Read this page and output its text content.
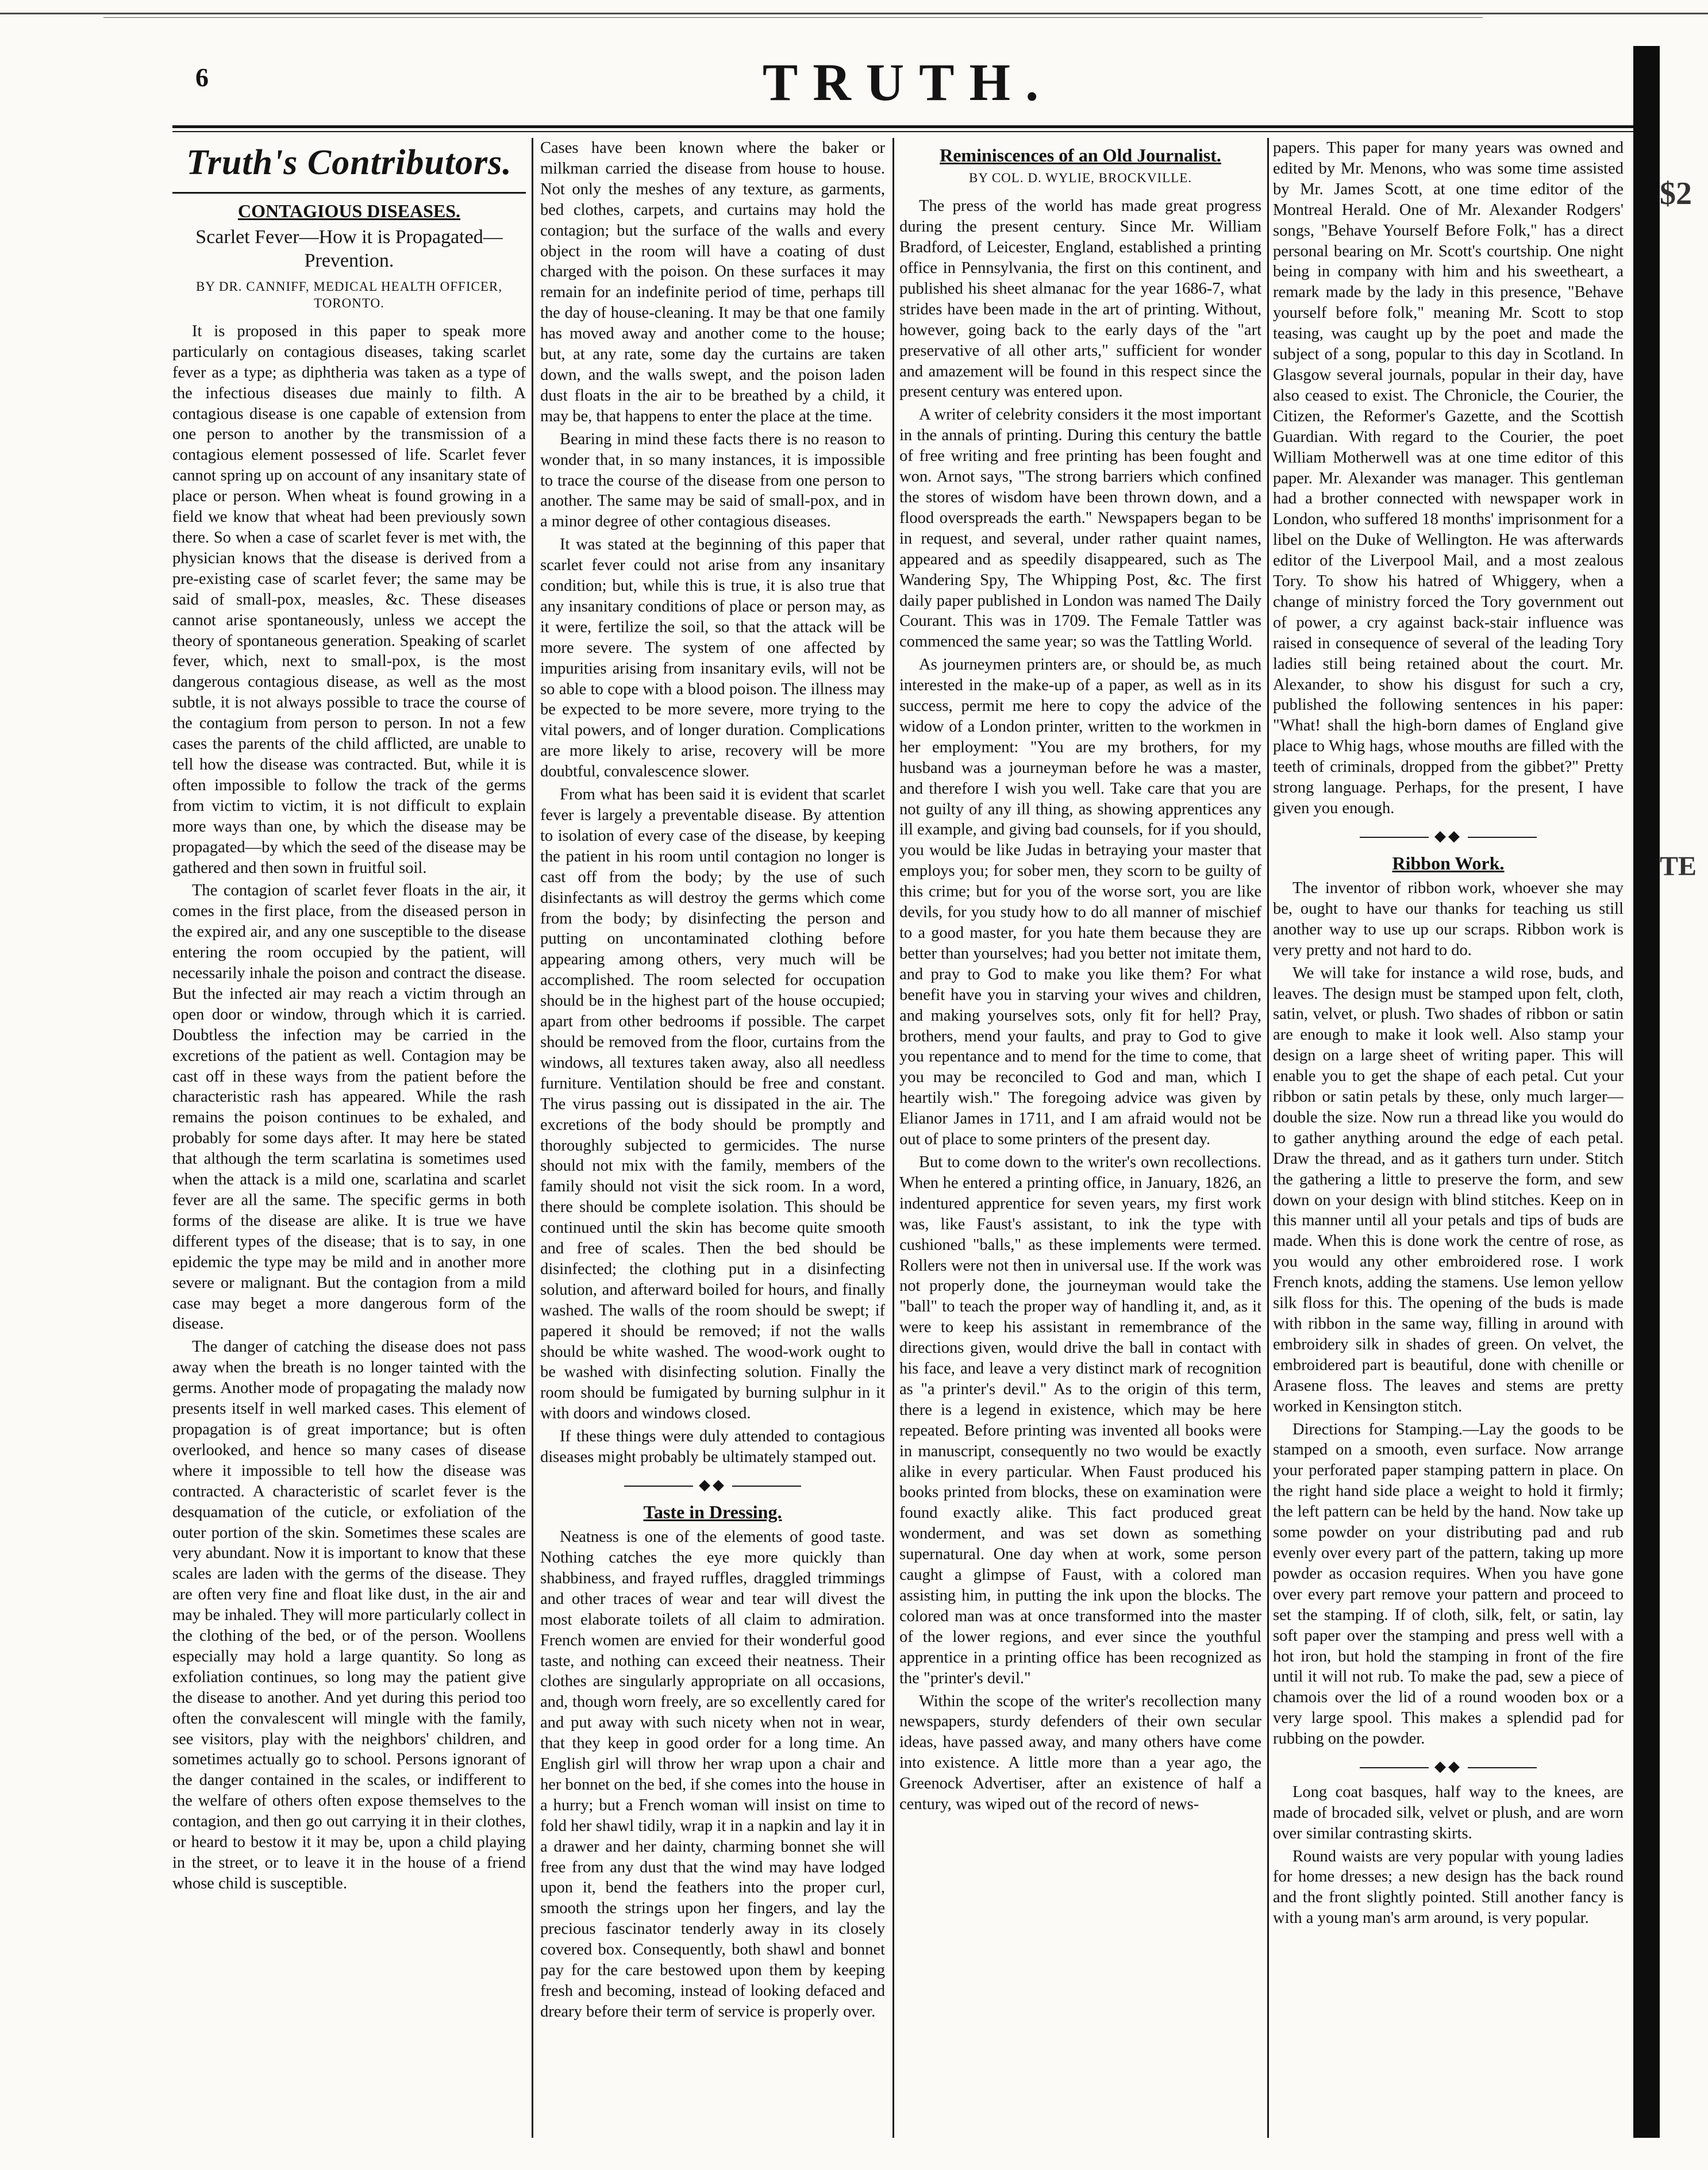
6	TRUTH.
Truth's Contributors.
CONTAGIOUS DISEASES.
Scarlet Fever—How it is Propagated—Prevention.
BY DR. CANNIFF, MEDICAL HEALTH OFFICER, TORONTO.

It is proposed in this paper to speak more particularly on contagious diseases, taking scarlet fever as a type; as diphtheria was taken as a type of the infectious diseases due mainly to filth. A contagious disease is one capable of extension from one person to another by the transmission of a contagious element possessed of life. Scarlet fever cannot spring up on account of any insanitary state of place or person. When wheat is found growing in a field we know that wheat had been previously sown there. So when a case of scarlet fever is met with, the physician knows that the disease is derived from a pre-existing case of scarlet fever; the same may be said of small-pox, measles, &c. These diseases cannot arise spontaneously, unless we accept the theory of spontaneous generation. Speaking of scarlet fever, which, next to small-pox, is the most dangerous contagious disease, as well as the most subtle, it is not always possible to trace the course of the contagium from person to person. In not a few cases the parents of the child afflicted, are unable to tell how the disease was contracted. But, while it is often impossible to follow the track of the germs from victim to victim, it is not difficult to explain more ways than one, by which the disease may be propagated—by which the seed of the disease may be gathered and then sown in fruitful soil.

The contagion of scarlet fever floats in the air, it comes in the first place, from the diseased person in the expired air, and any one susceptible to the disease entering the room occupied by the patient, will necessarily inhale the poison and contract the disease. But the infected air may reach a victim through an open door or window, through which it is carried. Doubtless the infection may be carried in the excretions of the patient as well. Contagion may be cast off in these ways from the patient before the characteristic rash has appeared. While the rash remains the poison continues to be exhaled, and probably for some days after. It may here be stated that although the term scarlatina is sometimes used when the attack is a mild one, scarlatina and scarlet fever are all the same. The specific germs in both forms of the disease are alike. It is true we have different types of the disease; that is to say, in one epidemic the type may be mild and in another more severe or malignant. But the contagion from a mild case may beget a more dangerous form of the disease.

The danger of catching the disease does not pass away when the breath is no longer tainted with the germs. Another mode of propagating the malady now presents itself in well marked cases. This element of propagation is of great importance; but is often overlooked, and hence so many cases of disease where it impossible to tell how the disease was contracted. A characteristic of scarlet fever is the desquamation of the cuticle, or exfoliation of the outer portion of the skin. Sometimes these scales are very abundant. Now it is important to know that these scales are laden with the germs of the disease. They are often very fine and float like dust, in the air and may be inhaled. They will more particularly collect in the clothing of the bed, or of the person. Woollens especially may hold a large quantity. So long as exfoliation continues, so long may the patient give the disease to another. And yet during this period too often the convalescent will mingle with the family, see visitors, play with the neighbors' children, and sometimes actually go to school. Persons ignorant of the danger contained in the scales, or indifferent to the welfare of others often expose themselves to the contagion, and then go out carrying it in their clothes, or heard to bestow it it may be, upon a child playing in the street, or to leave it in the house of a friend whose child is susceptible.

Cases have been known where the baker or milkman carried the disease from house to house. Not only the meshes of any texture, as garments, bed clothes, carpets, and curtains may hold the contagion; but the surface of the walls and every object in the room will have a coating of dust charged with the poison. On these surfaces it may remain for an indefinite period of time, perhaps till the day of house-cleaning. It may be that one family has moved away and another come to the house; but, at any rate, some day the curtains are taken down, and the walls swept, and the poison laden dust floats in the air to be breathed by a child, it may be, that happens to enter the place at the time.

Bearing in mind these facts there is no reason to wonder that, in so many instances, it is impossible to trace the course of the disease from one person to another. The same may be said of small-pox, and in a minor degree of other contagious diseases.

It was stated at the beginning of this paper that scarlet fever could not arise from any insanitary condition; but, while this is true, it is also true that any insanitary conditions of place or person may, as it were, fertilize the soil, so that the attack will be more severe. The system of one affected by impurities arising from insanitary evils, will not be so able to cope with a blood poison. The illness may be expected to be more severe, more trying to the vital powers, and of longer duration. Complications are more likely to arise, recovery will be more doubtful, convalescence slower.

From what has been said it is evident that scarlet fever is largely a preventable disease. By attention to isolation of every case of the disease, by keeping the patient in his room until contagion no longer is cast off from the body; by the use of such disinfectants as will destroy the germs which come from the body; by disinfecting the person and putting on uncontaminated clothing before appearing among others, very much will be accomplished. The room selected for occupation should be in the highest part of the house occupied; apart from other bedrooms if possible. The carpet should be removed from the floor, curtains from the windows, all textures taken away, also all needless furniture. Ventilation should be free and constant. The virus passing out is dissipated in the air. The excretions of the body should be promptly and thoroughly subjected to germicides. The nurse should not mix with the family, members of the family should not visit the sick room. In a word, there should be complete isolation. This should be continued until the skin has become quite smooth and free of scales. Then the bed should be disinfected; the clothing put in a disinfecting solution, and afterward boiled for hours, and finally washed. The walls of the room should be swept; if papered it should be removed; if not the walls should be white washed. The wood-work ought to be washed with disinfecting solution. Finally the room should be fumigated by burning sulphur in it with doors and windows closed.

If these things were duly attended to contagious diseases might probably be ultimately stamped out.

◆◆
Taste in Dressing.

Neatness is one of the elements of good taste. Nothing catches the eye more quickly than shabbiness, and frayed ruffles, draggled trimmings and other traces of wear and tear will divest the most elaborate toilets of all claim to admiration. French women are envied for their wonderful good taste, and nothing can exceed their neatness. Their clothes are singularly appropriate on all occasions, and, though worn freely, are so excellently cared for and put away with such nicety when not in wear, that they keep in good order for a long time. An English girl will throw her wrap upon a chair and her bonnet on the bed, if she comes into the house in a hurry; but a French woman will insist on time to fold her shawl tidily, wrap it in a napkin and lay it in a drawer and her dainty, charming bonnet she will free from any dust that the wind may have lodged upon it, bend the feathers into the proper curl, smooth the strings upon her fingers, and lay the precious fascinator tenderly away in its closely covered box. Consequently, both shawl and bonnet pay for the care bestowed upon them by keeping fresh and becoming, instead of looking defaced and dreary before their term of service is properly over.

Reminiscences of an Old Journalist.
BY COL. D. WYLIE, BROCKVILLE.

The press of the world has made great progress during the present century. Since Mr. William Bradford, of Leicester, England, established a printing office in Pennsylvania, the first on this continent, and published his sheet almanac for the year 1686-7, what strides have been made in the art of printing. Without, however, going back to the early days of the "art preservative of all other arts," sufficient for wonder and amazement will be found in this respect since the present century was entered upon.

A writer of celebrity considers it the most important in the annals of printing. During this century the battle of free writing and free printing has been fought and won. Arnot says, "The strong barriers which confined the stores of wisdom have been thrown down, and a flood overspreads the earth." Newspapers began to be in request, and several, under rather quaint names, appeared and as speedily disappeared, such as The Wandering Spy, The Whipping Post, &c. The first daily paper published in London was named The Daily Courant. This was in 1709. The Female Tattler was commenced the same year; so was the Tattling World.

As journeymen printers are, or should be, as much interested in the make-up of a paper, as well as in its success, permit me here to copy the advice of the widow of a London printer, written to the workmen in her employment: "You are my brothers, for my husband was a journeyman before he was a master, and therefore I wish you well. Take care that you are not guilty of any ill thing, as showing apprentices any ill example, and giving bad counsels, for if you should, you would be like Judas in betraying your master that employs you; for sober men, they scorn to be guilty of this crime; but for you of the worse sort, you are like devils, for you study how to do all manner of mischief to a good master, for you hate them because they are better than yourselves; had you better not imitate them, and pray to God to make you like them? For what benefit have you in starving your wives and children, and making yourselves sots, only fit for hell? Pray, brothers, mend your faults, and pray to God to give you repentance and to mend for the time to come, that you may be reconciled to God and man, which I heartily wish." The foregoing advice was given by Elianor James in 1711, and I am afraid would not be out of place to some printers of the present day.

But to come down to the writer's own recollections. When he entered a printing office, in January, 1826, an indentured apprentice for seven years, my first work was, like Faust's assistant, to ink the type with cushioned "balls," as these implements were termed. Rollers were not then in universal use. If the work was not properly done, the journeyman would take the "ball" to teach the proper way of handling it, and, as it were to keep his assistant in remembrance of the directions given, would drive the ball in contact with his face, and leave a very distinct mark of recognition as "a printer's devil." As to the origin of this term, there is a legend in existence, which may be here repeated. Before printing was invented all books were in manuscript, consequently no two would be exactly alike in every particular. When Faust produced his books printed from blocks, these on examination were found exactly alike. This fact produced great wonderment, and was set down as something supernatural. One day when at work, some person caught a glimpse of Faust, with a colored man assisting him, in putting the ink upon the blocks. The colored man was at once transformed into the master of the lower regions, and ever since the youthful apprentice in a printing office has been recognized as the "printer's devil."

Within the scope of the writer's recollection many newspapers, sturdy defenders of their own secular ideas, have passed away, and many others have come into existence. A little more than a year ago, the Greenock Advertiser, after an existence of half a century, was wiped out of the record of news-

papers. This paper for many years was owned and edited by Mr. Menons, who was some time assisted by Mr. James Scott, at one time editor of the Montreal Herald. One of Mr. Alexander Rodgers' songs, "Behave Yourself Before Folk," has a direct personal bearing on Mr. Scott's courtship. One night being in company with him and his sweetheart, a remark made by the lady in this presence, "Behave yourself before folk," meaning Mr. Scott to stop teasing, was caught up by the poet and made the subject of a song, popular to this day in Scotland. In Glasgow several journals, popular in their day, have also ceased to exist. The Chronicle, the Courier, the Citizen, the Reformer's Gazette, and the Scottish Guardian. With regard to the Courier, the poet William Motherwell was at one time editor of this paper. Mr. Alexander was manager. This gentleman had a brother connected with newspaper work in London, who suffered 18 months' imprisonment for a libel on the Duke of Wellington. He was afterwards editor of the Liverpool Mail, and a most zealous Tory. To show his hatred of Whiggery, when a change of ministry forced the Tory government out of power, a cry against back-stair influence was raised in consequence of several of the leading Tory ladies still being retained about the court. Mr. Alexander, to show his disgust for such a cry, published the following sentences in his paper: "What! shall the high-born dames of England give place to Whig hags, whose mouths are filled with the teeth of criminals, dropped from the gibbet?" Pretty strong language. Perhaps, for the present, I have given you enough.

◆◆
Ribbon Work.

The inventor of ribbon work, whoever she may be, ought to have our thanks for teaching us still another way to use up our scraps. Ribbon work is very pretty and not hard to do.

We will take for instance a wild rose, buds, and leaves. The design must be stamped upon felt, cloth, satin, velvet, or plush. Two shades of ribbon or satin are enough to make it look well. Also stamp your design on a large sheet of writing paper. This will enable you to get the shape of each petal. Cut your ribbon or satin petals by these, only much larger—double the size. Now run a thread like you would do to gather anything around the edge of each petal. Draw the thread, and as it gathers turn under. Stitch the gathering a little to preserve the form, and sew down on your design with blind stitches. Keep on in this manner until all your petals and tips of buds are made. When this is done work the centre of rose, as you would any other embroidered rose. I work French knots, adding the stamens. Use lemon yellow silk floss for this. The opening of the buds is made with ribbon in the same way, filling in around with embroidery silk in shades of green. On velvet, the embroidered part is beautiful, done with chenille or Arasene floss. The leaves and stems are pretty worked in Kensington stitch.

Directions for Stamping.—Lay the goods to be stamped on a smooth, even surface. Now arrange your perforated paper stamping pattern in place. On the right hand side place a weight to hold it firmly; the left pattern can be held by the hand. Now take up some powder on your distributing pad and rub evenly over every part of the pattern, taking up more powder as occasion requires. When you have gone over every part remove your pattern and proceed to set the stamping. If of cloth, silk, felt, or satin, lay soft paper over the stamping and press well with a hot iron, but hold the stamping in front of the fire until it will not rub. To make the pad, sew a piece of chamois over the lid of a round wooden box or a very large spool. This makes a splendid pad for rubbing on the powder.

◆◆

Long coat basques, half way to the knees, are made of brocaded silk, velvet or plush, and are worn over similar contrasting skirts.

Round waists are very popular with young ladies for home dresses; a new design has the back round and the front slightly pointed. Still another fancy is with a young man's arm around, is very popular.

$2
TE
